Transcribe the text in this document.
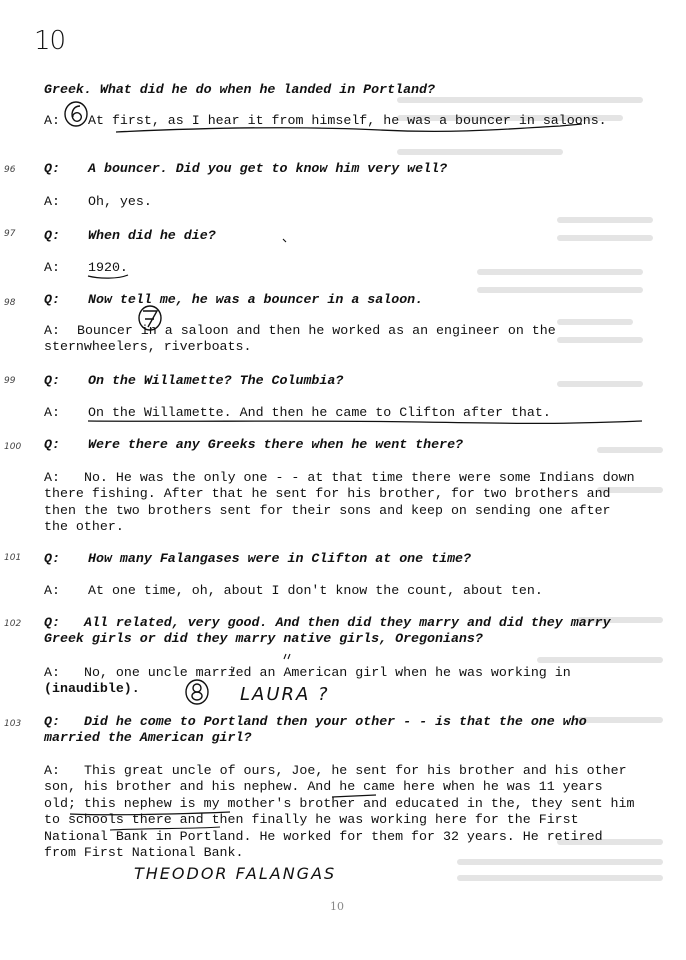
10
96
97
98
99
100
101
102
103
Greek. What did he do when he landed in Portland?
A:	At first, as I hear it from himself, he was a bouncer in saloons.
Q:	A bouncer. Did you get to know him very well?
A:	Oh, yes.
Q:	When did he die?
A:	1920.
Q:	Now tell me, he was a bouncer in a saloon.
A: Bouncer in a saloon and then he worked as an engineer on the sternwheelers, riverboats.
Q:	On the Willamette? The Columbia?
A:	On the Willamette. And then he came to Clifton after that.
Q:	Were there any Greeks there when he went there?
A: No. He was the only one - - at that time there were some Indians down there fishing. After that he sent for his brother, for two brothers and then the two brothers sent for their sons and keep on sending one after the other.
Q:	How many Falangases were in Clifton at one time?
A:	At one time, oh, about I don't know the count, about ten.
Q: All related, very good. And then did they marry and did they marry Greek girls or did they marry native girls, Oregonians?
A: No, one uncle married an American girl when he was working in (inaudible).
Q: Did he come to Portland then your other - - is that the one who married the American girl?
A: This great uncle of ours, Joe, he sent for his brother and his other son, his brother and his nephew. And he came here when he was 11 years old; this nephew is my mother's brother and educated in the, they sent him to schools there and then finally he was working here for the First National Bank in Portland. He worked for them for 32 years. He retired from First National Bank.
LAURA ?
THEODOR FALANGAS
10
